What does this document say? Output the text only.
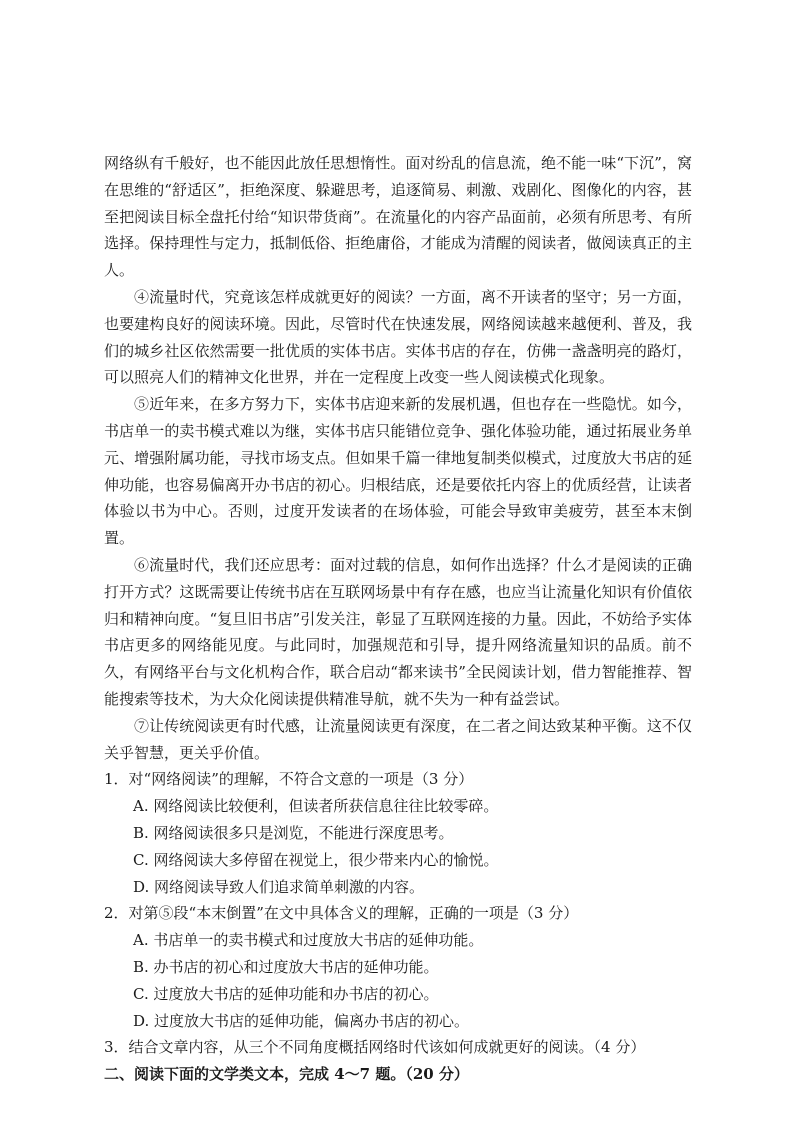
网络纵有千般好，也不能因此放任思想惰性。面对纷乱的信息流，绝不能一味“下沉”，窝在思维的“舒适区”，拒绝深度、躲避思考，追逐简易、刺激、戏剧化、图像化的内容，甚至把阅读目标全盘托付给“知识带货商”。在流量化的内容产品面前，必须有所思考、有所选择。保持理性与定力，抵制低俗、拒绝庸俗，才能成为清醒的阅读者，做阅读真正的主人。

④流量时代，究竟该怎样成就更好的阅读？一方面，离不开读者的坚守；另一方面，也要建构良好的阅读环境。因此，尽管时代在快速发展，网络阅读越来越便利、普及，我们的城乡社区依然需要一批优质的实体书店。实体书店的存在，仿佛一盏盏明亮的路灯，可以照亮人们的精神文化世界，并在一定程度上改变一些人阅读模式化现象。

⑤近年来，在多方努力下，实体书店迎来新的发展机遇，但也存在一些隐忧。如今，书店单一的卖书模式难以为继，实体书店只能错位竞争、强化体验功能，通过拓展业务单元、增强附属功能，寻找市场支点。但如果千篇一律地复制类似模式，过度放大书店的延伸功能，也容易偏离开办书店的初心。归根结底，还是要依托内容上的优质经营，让读者体验以书为中心。否则，过度开发读者的在场体验，可能会导致审美疲劳，甚至本末倒置。

⑥流量时代，我们还应思考：面对过载的信息，如何作出选择？什么才是阅读的正确打开方式？这既需要让传统书店在互联网场景中有存在感，也应当让流量化知识有价值依归和精神向度。“复旦旧书店”引发关注，彰显了互联网连接的力量。因此，不妨给予实体书店更多的网络能见度。与此同时，加强规范和引导，提升网络流量知识的品质。前不久，有网络平台与文化机构合作，联合启动“都来读书”全民阅读计划，借力智能推荐、智能搜索等技术，为大众化阅读提供精准导航，就不失为一种有益尝试。

⑦让传统阅读更有时代感，让流量阅读更有深度，在二者之间达致某种平衡。这不仅关乎智慧，更关乎价值。

1．对“网络阅读”的理解，不符合文意的一项是（3 分）

A. 网络阅读比较便利，但读者所获信息往往比较零碎。

B. 网络阅读很多只是浏览，不能进行深度思考。

C. 网络阅读大多停留在视觉上，很少带来内心的愉悦。

D. 网络阅读导致人们追求简单刺激的内容。

2．对第⑤段“本末倒置”在文中具体含义的理解，正确的一项是（3 分）

A. 书店单一的卖书模式和过度放大书店的延伸功能。

B. 办书店的初心和过度放大书店的延伸功能。

C. 过度放大书店的延伸功能和办书店的初心。

D. 过度放大书店的延伸功能，偏离办书店的初心。

3．结合文章内容，从三个不同角度概括网络时代该如何成就更好的阅读。（4 分）

二、阅读下面的文学类文本，完成 4～7 题。（20 分）
